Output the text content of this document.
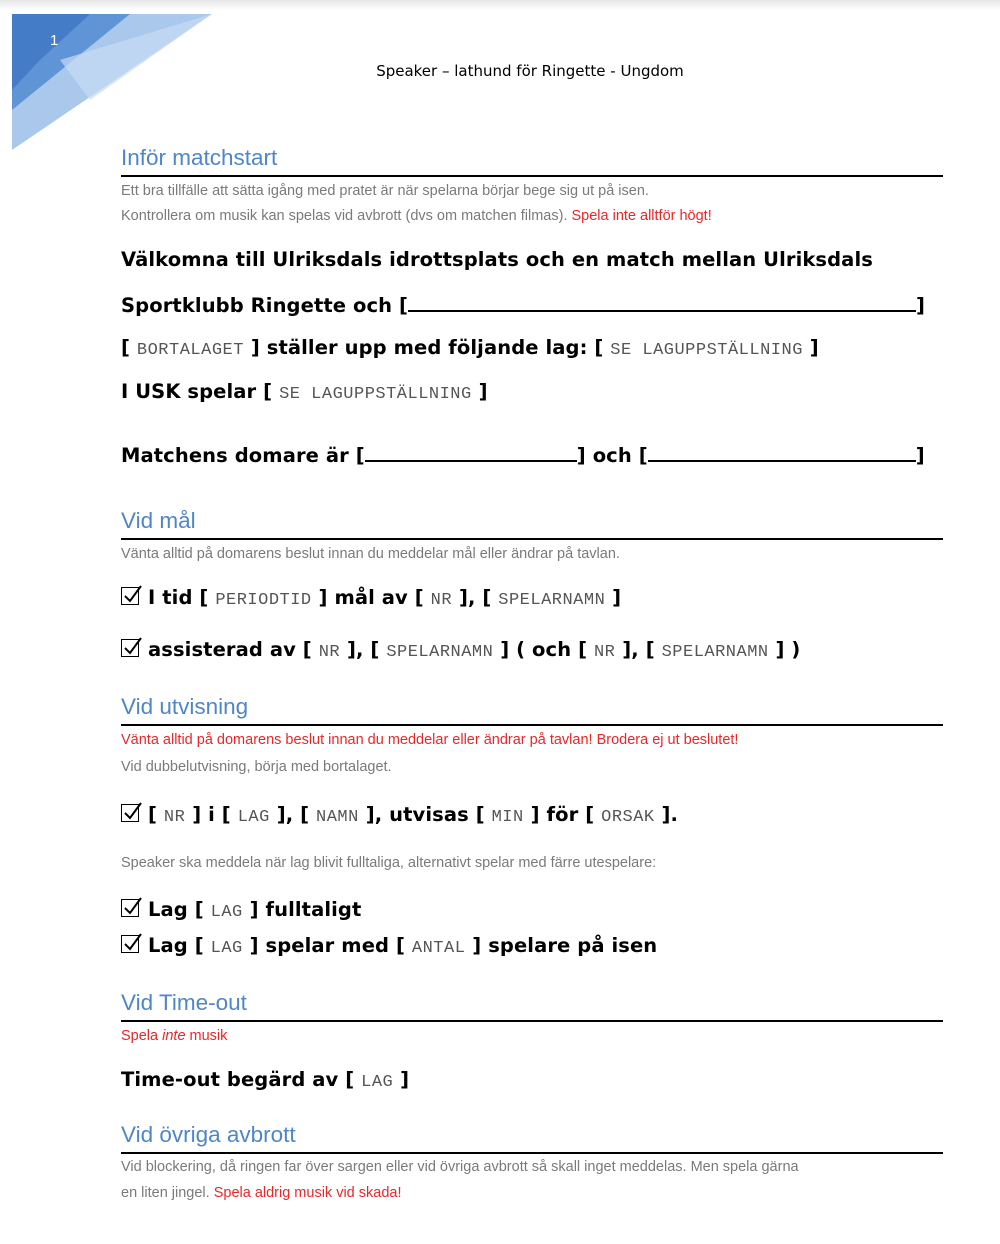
1
Speaker – lathund för Ringette - Ungdom
Inför matchstart
Ett bra tillfälle att sätta igång med pratet är när spelarna börjar bege sig ut på isen.
Kontrollera om musik kan spelas vid avbrott (dvs om matchen filmas). Spela inte alltför högt!
Välkomna till Ulriksdals idrottsplats och en match mellan Ulriksdals
Sportklubb Ringette och [	]
[ BORTALAGET ] ställer upp med följande lag: [ SE LAGUPPSTÄLLNING ]
I USK spelar [ SE LAGUPPSTÄLLNING ]
Matchens domare är [	] och [	]
Vid mål
Vänta alltid på domarens beslut innan du meddelar mål eller ändrar på tavlan.
I tid [ PERIODTID ] mål av [ NR ], [ SPELARNAMN ]
assisterad av [ NR ], [ SPELARNAMN ] ( och [ NR ], [ SPELARNAMN ] )
Vid utvisning
Vänta alltid på domarens beslut innan du meddelar eller ändrar på tavlan! Brodera ej ut beslutet!
Vid dubbelutvisning, börja med bortalaget.
[ NR ] i [ LAG ], [ NAMN ], utvisas [ MIN ] för [ ORSAK ].
Speaker ska meddela när lag blivit fulltaliga, alternativt spelar med färre utespelare:
Lag [ LAG ] fulltaligt
Lag [ LAG ] spelar med [ ANTAL ] spelare på isen
Vid Time-out
Spela inte musik
Time-out begärd av [ LAG ]
Vid övriga avbrott
Vid blockering, då ringen far över sargen eller vid övriga avbrott så skall inget meddelas. Men spela gärna
en liten jingel. Spela aldrig musik vid skada!
